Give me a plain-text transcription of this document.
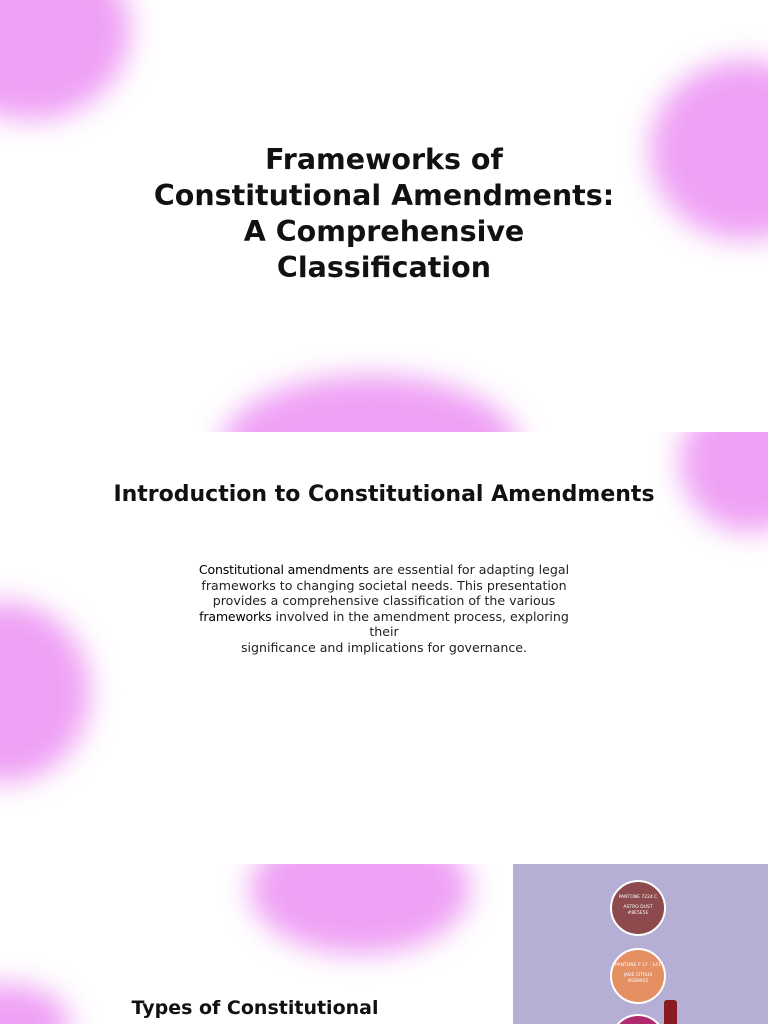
Frameworks of
Constitutional Amendments:
A Comprehensive
Classification
Introduction to Constitutional Amendments
Constitutional amendments are essential for adapting legal
frameworks to changing societal needs. This presentation
provides a comprehensive classification of the various
frameworks involved in the amendment process, exploring their
significance and implications for governance.
Types of Constitutional
PANTONE 7224 C
ASTRO DUST
#8E5E5E
PANTONE P 17 - 141
JADE CITRUS
#E8965E
